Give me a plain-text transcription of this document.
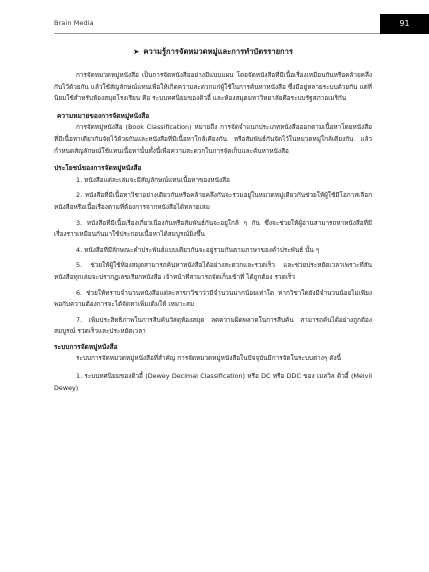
Brain Media	91
➤ ความรู้การจัดหมวดหมู่และการทำบัตรรายการ

การจัดหมวดหมู่หนังสือ เป็นการจัดหนังสืออย่างมีแบบแผน โดยจัดหนังสือที่มีเนื้อเรื่องเหมือนกันหรือคล้ายคลึงกันไว้ด้วยกัน แล้วใช้สัญลักษณ์แทนเพื่อให้เกิดความสะดวกแก่ผู้ใช้ในการค้นหาหนังสือ ซึ่งมีอยู่หลายระบบด้วยกัน แต่ที่นิยมใช้สำหรับห้องสมุดโรงเรียน คือ ระบบทศนิยมของดิวอี้ และห้องสมุดมหาวิทยาลัยคือระบบรัฐสภาอเมริกัน

ความหมายของการจัดหมู่หนังสือ

การจัดหมู่หนังสือ (Book Classification) หมายถึง การจัดจำแนกประเภทหนังสือออกตามเนื้อหาโดยหนังสือที่มีเนื้อหาเดียวกันจัดไว้ด้วยกันและหนังสือที่มีเนื้อหาใกล้เคียงกัน หรือสัมพันธ์กันจัดไว้ในหมวดหมู่ใกล้เคียงกัน แล้วกำหนดสัญลักษณ์ใช้แทนเนื้อหานั้นทั้งนี้เพื่อความสะดวกในการจัดเก็บและค้นหาหนังสือ

ประโยชน์ของการจัดหมู่หนังสือ
1. หนังสือแต่ละเล่มจะมีสัญลักษณ์แทนเนื้อหาของหนังสือ
2. หนังสือที่มีเนื้อหาวิชาอย่างเดียวกันหรือคล้ายคลึงกันจะรวมอยู่ในหมวดหมู่เดียวกันช่วยให้ผู้ใช้มีโอกาสเลือกหนังสือหรือเนื้อเรื่องตามที่ต้องการจากหนังสือได้หลายเล่ม
3. หนังสือที่มีเนื้อเรื่องเกี่ยวเนื่องกันหรือสัมพันธ์กันจะอยู่ใกล้ ๆ กัน ซึ่งจะช่วยให้ผู้อ่านสามารถหาหนังสือที่มีเรื่องราวเหมือนกันมาใช้ประกอบเนื้อหาได้สมบูรณ์ยิ่งขึ้น
4. หนังสือที่มีลักษณะคำประพันธ์แบบเดียวกันจะอยู่รวมกันตามภาษาของคำประพันธ์ นั้น ๆ
5. ช่วยให้ผู้ใช้ห้องสมุดสามารถค้นหาหนังสือได้อย่างสะดวกและรวดเร็ว และช่วยประหยัดเวลาเพราะที่สันหนังสือทุกเล่มจะปรากฏเลขเรียกหนังสือ เจ้าหน้าที่สามารถจัดเก็บเข้าที่ ได้ถูกต้อง รวดเร็ว
6. ช่วยให้ทราบจำนวนหนังสือแต่ละสาขาวิชาว่ามีจำนวนมากน้อยเท่าใด หากวิชาใดยังมีจำนวนน้อยไม่เพียงพอกับความต้องการจะได้จัดหาเพิ่มเติมให้ เหมาะสม
7. เพิ่มประสิทธิภาพในการสืบค้นวัสดุห้องสมุด ลดความผิดพลาดในการสืบค้น สามารถค้นได้อย่างถูกต้อง สมบูรณ์ รวดเร็วและประหยัดเวลา
ระบบการจัดหมู่หนังสือ

ระบบการจัดหมวดหมู่หนังสือที่สำคัญ การจัดหมวดหมู่หนังสือในปัจจุบันมีการจัดในระบบต่างๆ ดังนี้

1. ระบบทศนิยมของดิวอี้ (Dewey Decimal Classification) หรือ DC หรือ DDC ของ เมลวิล ดิวอี้ (Melvil Dewey)
